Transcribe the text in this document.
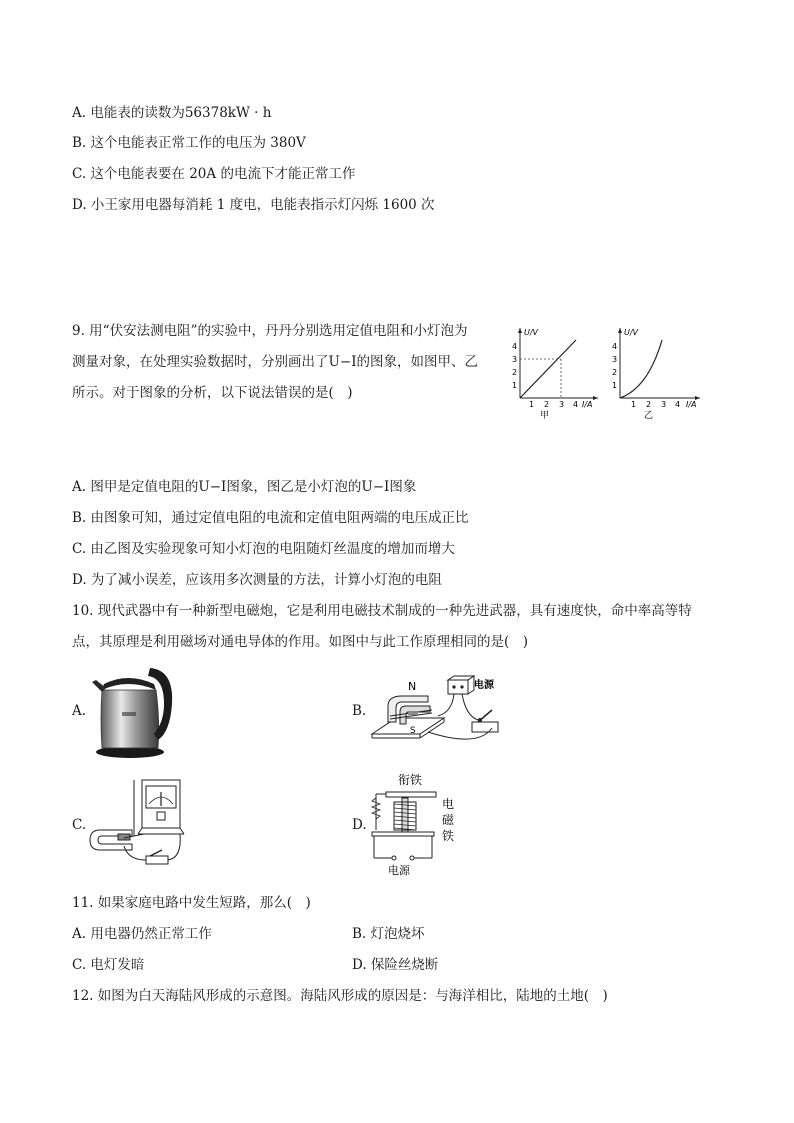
A. 电能表的读数为56378kW · h
B. 这个电能表正常工作的电压为 380V
C. 这个电能表要在 20A 的电流下才能正常工作
D. 小王家用电器每消耗 1 度电，电能表指示灯闪烁 1600 次
9. 用“伏安法测电阻”的实验中，丹丹分别选用定值电阻和小灯泡为
测量对象，在处理实验数据时，分别画出了U−I的图象，如图甲、乙
所示。对于图象的分析，以下说法错误的是(　)
U/V
I/A
1
2
3
4
1 2 3 4
甲
U/V
I/A
1
2
3
4
1 2 3 4
乙
A. 图甲是定值电阻的U−I图象，图乙是小灯泡的U−I图象
B. 由图象可知，通过定值电阻的电流和定值电阻两端的电压成正比
C. 由乙图及实验现象可知小灯泡的电阻随灯丝温度的增加而增大
D. 为了减小误差，应该用多次测量的方法，计算小灯泡的电阻
10. 现代武器中有一种新型电磁炮，它是利用电磁技术制成的一种先进武器，具有速度快，命中率高等特
点，其原理是利用磁场对通电导体的作用。如图中与此工作原理相同的是(　)
A.	B.
N
S
电源
C.	D.
衔铁
电
磁
铁
电源
11. 如果家庭电路中发生短路，那么(　)
A. 用电器仍然正常工作	B. 灯泡烧坏
C. 电灯发暗	D. 保险丝烧断
12. 如图为白天海陆风形成的示意图。海陆风形成的原因是：与海洋相比，陆地的土地(　)
